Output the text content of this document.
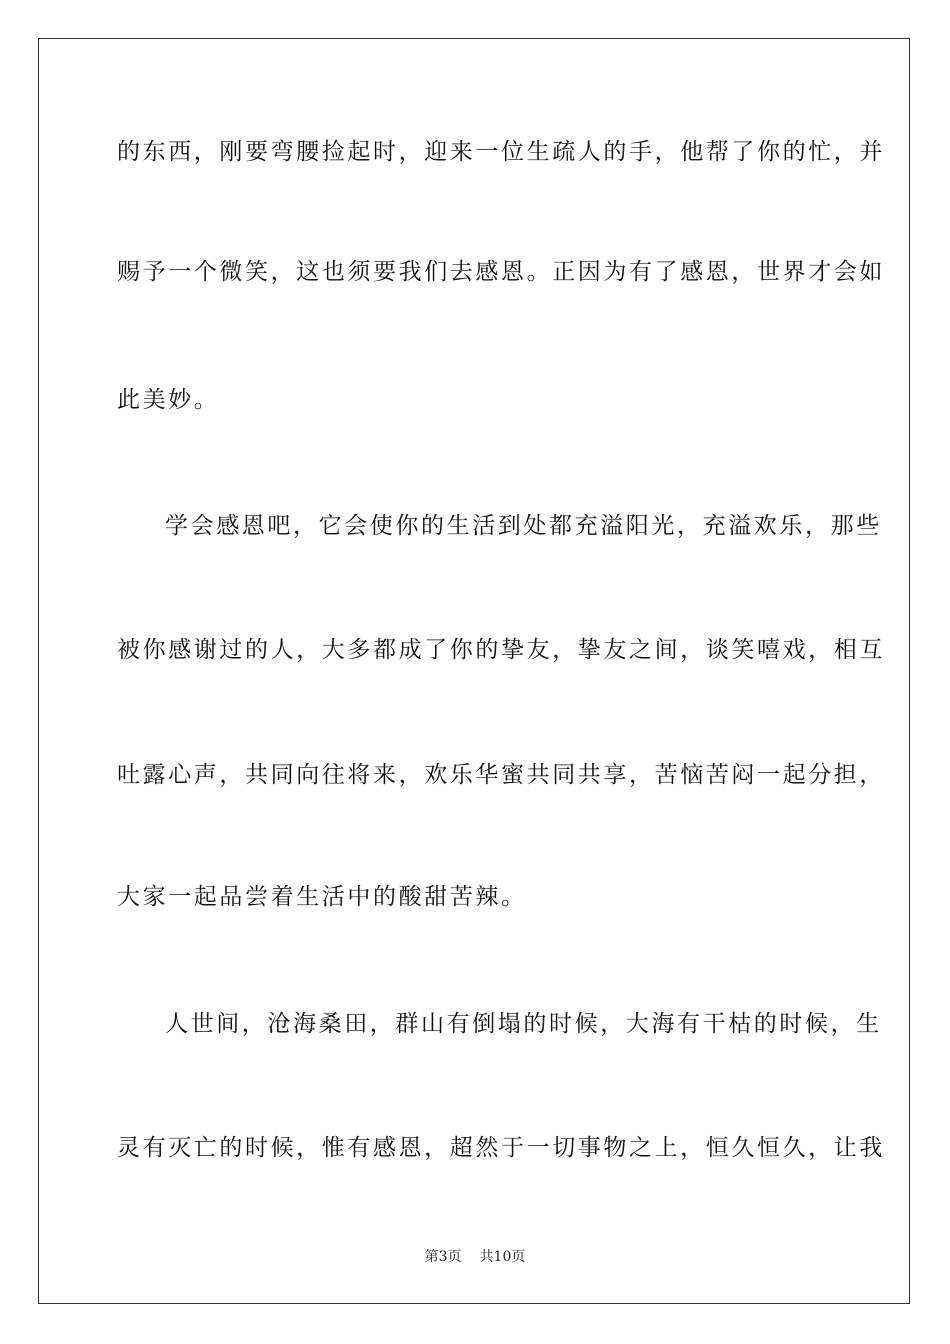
的东西，刚要弯腰捡起时，迎来一位生疏人的手，他帮了你的忙，并
赐予一个微笑，这也须要我们去感恩。正因为有了感恩，世界才会如
此美妙。
学会感恩吧，它会使你的生活到处都充溢阳光，充溢欢乐，那些
被你感谢过的人，大多都成了你的挚友，挚友之间，谈笑嘻戏，相互
吐露心声，共同向往将来，欢乐华蜜共同共享，苦恼苦闷一起分担，
大家一起品尝着生活中的酸甜苦辣。
人世间，沧海桑田，群山有倒塌的时候，大海有干枯的时候，生
灵有灭亡的时候，惟有感恩，超然于一切事物之上，恒久恒久，让我
第3页 共10页
